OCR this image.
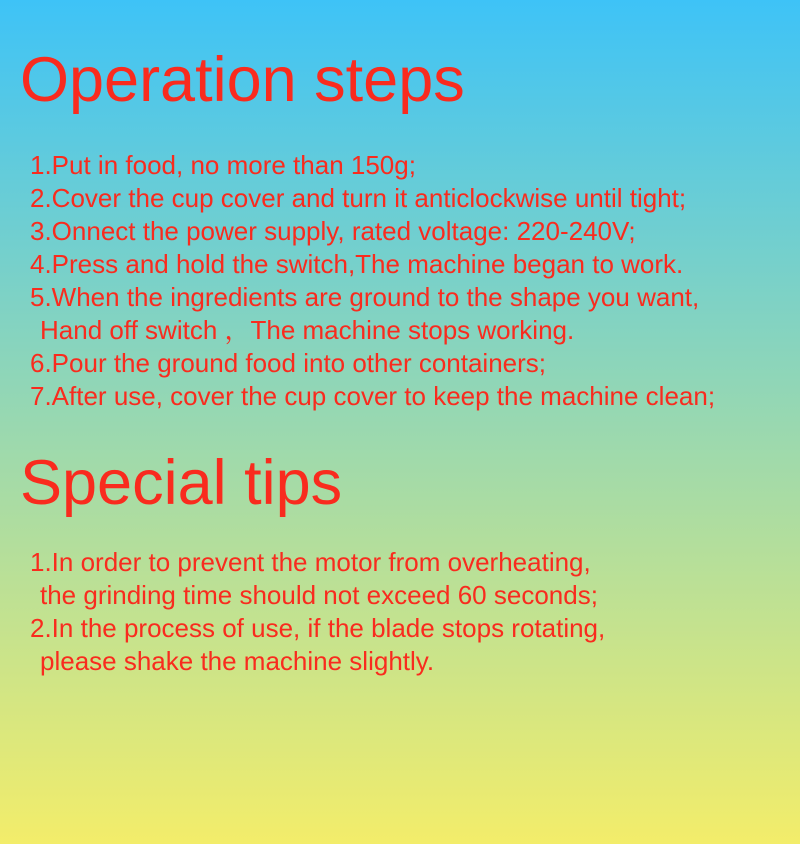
Operation steps
1.Put in food, no more than 150g;
2.Cover the cup cover and turn it anticlockwise until tight;
3.Onnect the power supply, rated voltage: 220-240V;
4.Press and hold the switch,The machine began to work.
5.When the ingredients are ground to the shape you want,
Hand off switch ，The machine stops working.
6.Pour the ground food into other containers;
7.After use, cover the cup cover to keep the machine clean;
Special tips
1.In order to prevent the motor from overheating,
the grinding time should not exceed 60 seconds;
2.In the process of use, if the blade stops rotating,
please shake the machine slightly.
